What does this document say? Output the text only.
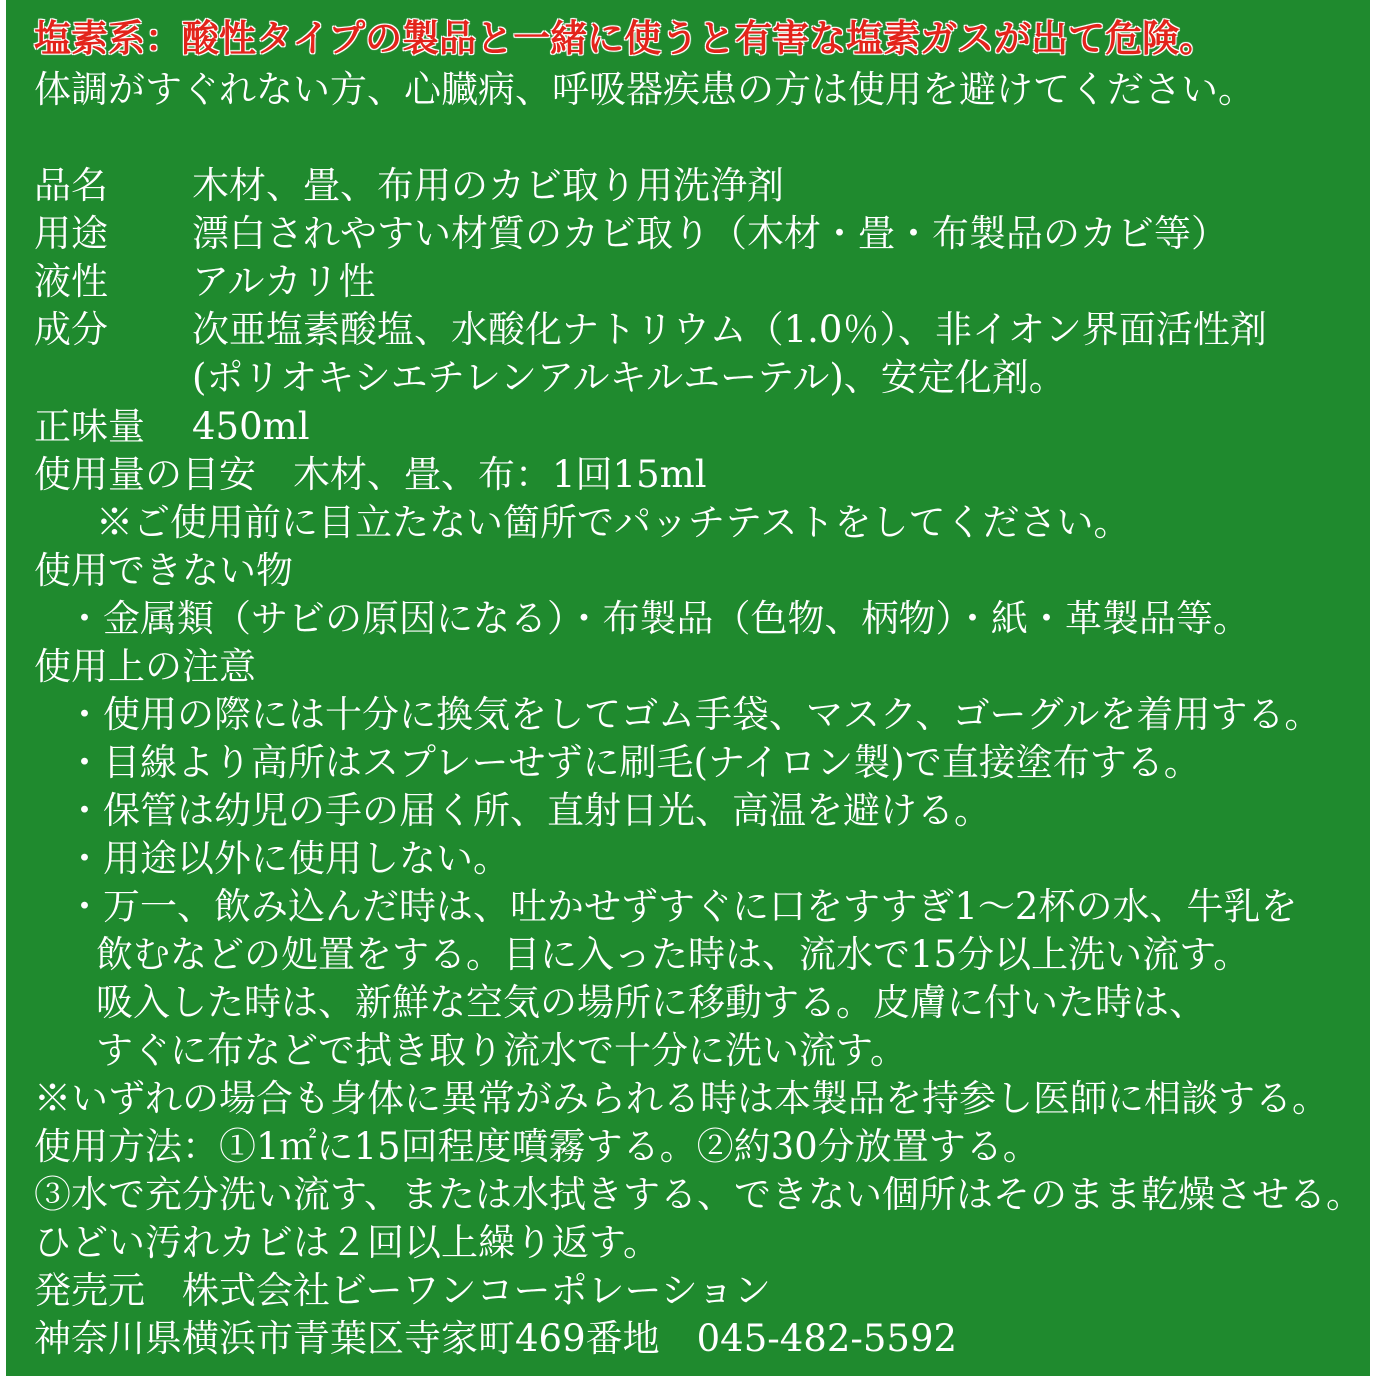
塩素系：酸性タイプの製品と一緒に使うと有害な塩素ガスが出て危険。
体調がすぐれない方、心臓病、呼吸器疾患の方は使用を避けてください。
品名 木材、畳、布用のカビ取り用洗浄剤
用途 漂白されやすい材質のカビ取り（木材・畳・布製品のカビ等）
液性 アルカリ性
成分 次亜塩素酸塩、水酸化ナトリウム（1.0％）、非イオン界面活性剤
(ポリオキシエチレンアルキルエーテル)、安定化剤。
正味量 450ml
使用量の目安　木材、畳、布：1回15ml
※ご使用前に目立たない箇所でパッチテストをしてください。
使用できない物
・金属類（サビの原因になる）・布製品（色物、柄物）・紙・革製品等。
使用上の注意
・使用の際には十分に換気をしてゴム手袋、マスク、ゴーグルを着用する。
・目線より高所はスプレーせずに刷毛(ナイロン製)で直接塗布する。
・保管は幼児の手の届く所、直射日光、高温を避ける。
・用途以外に使用しない。
・万一、飲み込んだ時は、吐かせずすぐに口をすすぎ1～2杯の水、牛乳を
飲むなどの処置をする。目に入った時は、流水で15分以上洗い流す。
吸入した時は、新鮮な空気の場所に移動する。皮膚に付いた時は、
すぐに布などで拭き取り流水で十分に洗い流す。
※いずれの場合も身体に異常がみられる時は本製品を持参し医師に相談する。
使用方法：①1㎡に15回程度噴霧する。②約30分放置する。
③水で充分洗い流す、または水拭きする、できない個所はそのまま乾燥させる。
ひどい汚れカビは２回以上繰り返す。
発売元　株式会社ビーワンコーポレーション
神奈川県横浜市青葉区寺家町469番地　045-482-5592
